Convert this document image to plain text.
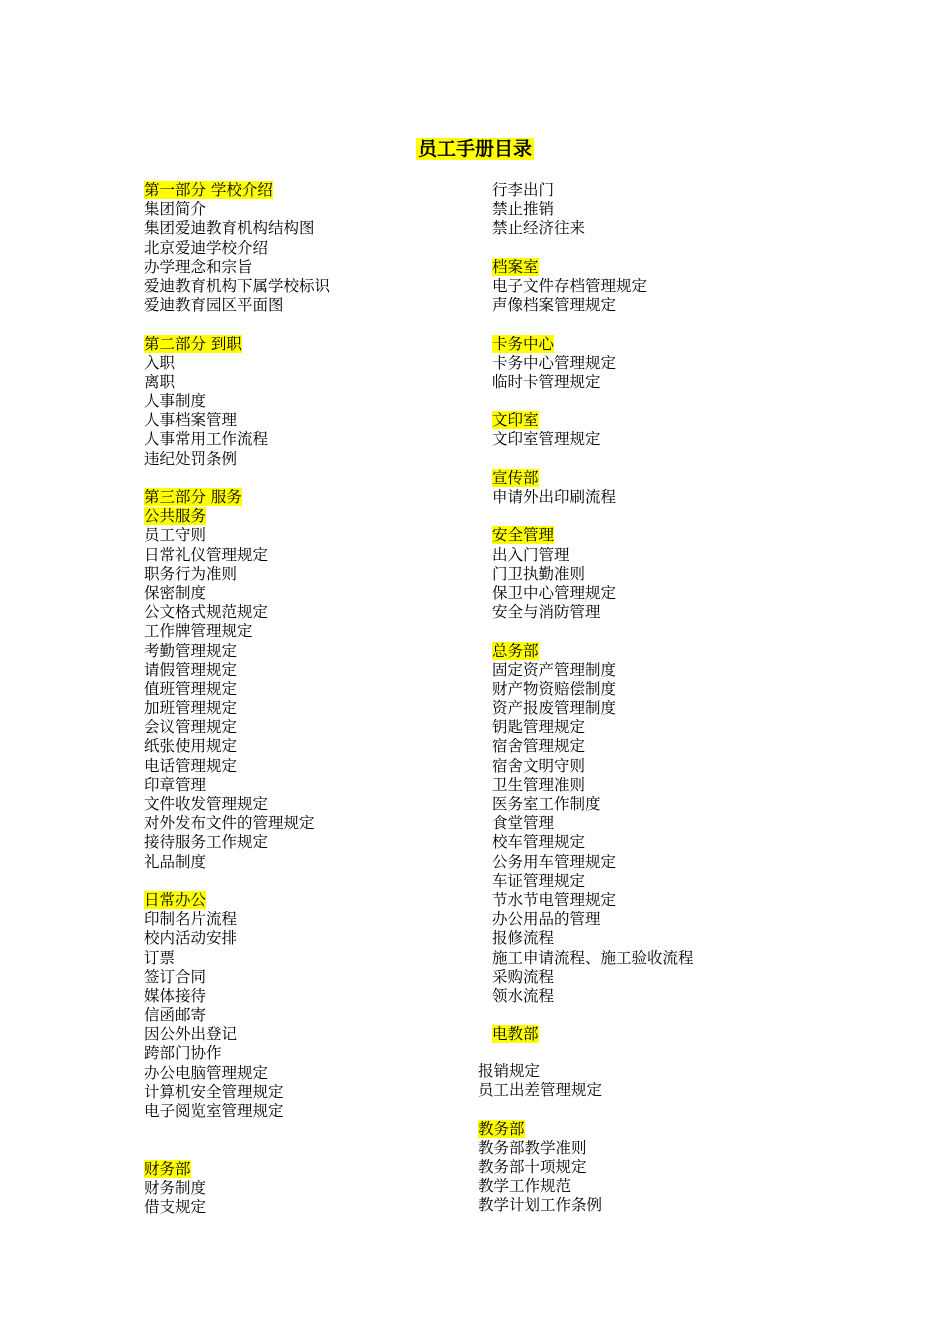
员工手册目录
第一部分 学校介绍
集团简介
集团爱迪教育机构结构图
北京爱迪学校介绍
办学理念和宗旨
爱迪教育机构下属学校标识
爱迪教育园区平面图
第二部分 到职
入职
离职
人事制度
人事档案管理
人事常用工作流程
违纪处罚条例
第三部分 服务
公共服务
员工守则
日常礼仪管理规定
职务行为准则
保密制度
公文格式规范规定
工作牌管理规定
考勤管理规定
请假管理规定
值班管理规定
加班管理规定
会议管理规定
纸张使用规定
电话管理规定
印章管理
文件收发管理规定
对外发布文件的管理规定
接待服务工作规定
礼品制度
日常办公
印制名片流程
校内活动安排
订票
签订合同
媒体接待
信函邮寄
因公外出登记
跨部门协作
办公电脑管理规定
计算机安全管理规定
电子阅览室管理规定
财务部
财务制度
借支规定
行李出门
禁止推销
禁止经济往来
档案室
电子文件存档管理规定
声像档案管理规定
卡务中心
卡务中心管理规定
临时卡管理规定
文印室
文印室管理规定
宣传部
申请外出印刷流程
安全管理
出入门管理
门卫执勤准则
保卫中心管理规定
安全与消防管理
总务部
固定资产管理制度
财产物资赔偿制度
资产报废管理制度
钥匙管理规定
宿舍管理规定
宿舍文明守则
卫生管理准则
医务室工作制度
食堂管理
校车管理规定
公务用车管理规定
车证管理规定
节水节电管理规定
办公用品的管理
报修流程
施工申请流程、施工验收流程
采购流程
领水流程
电教部
报销规定
员工出差管理规定
教务部
教务部教学准则
教务部十项规定
教学工作规范
教学计划工作条例
